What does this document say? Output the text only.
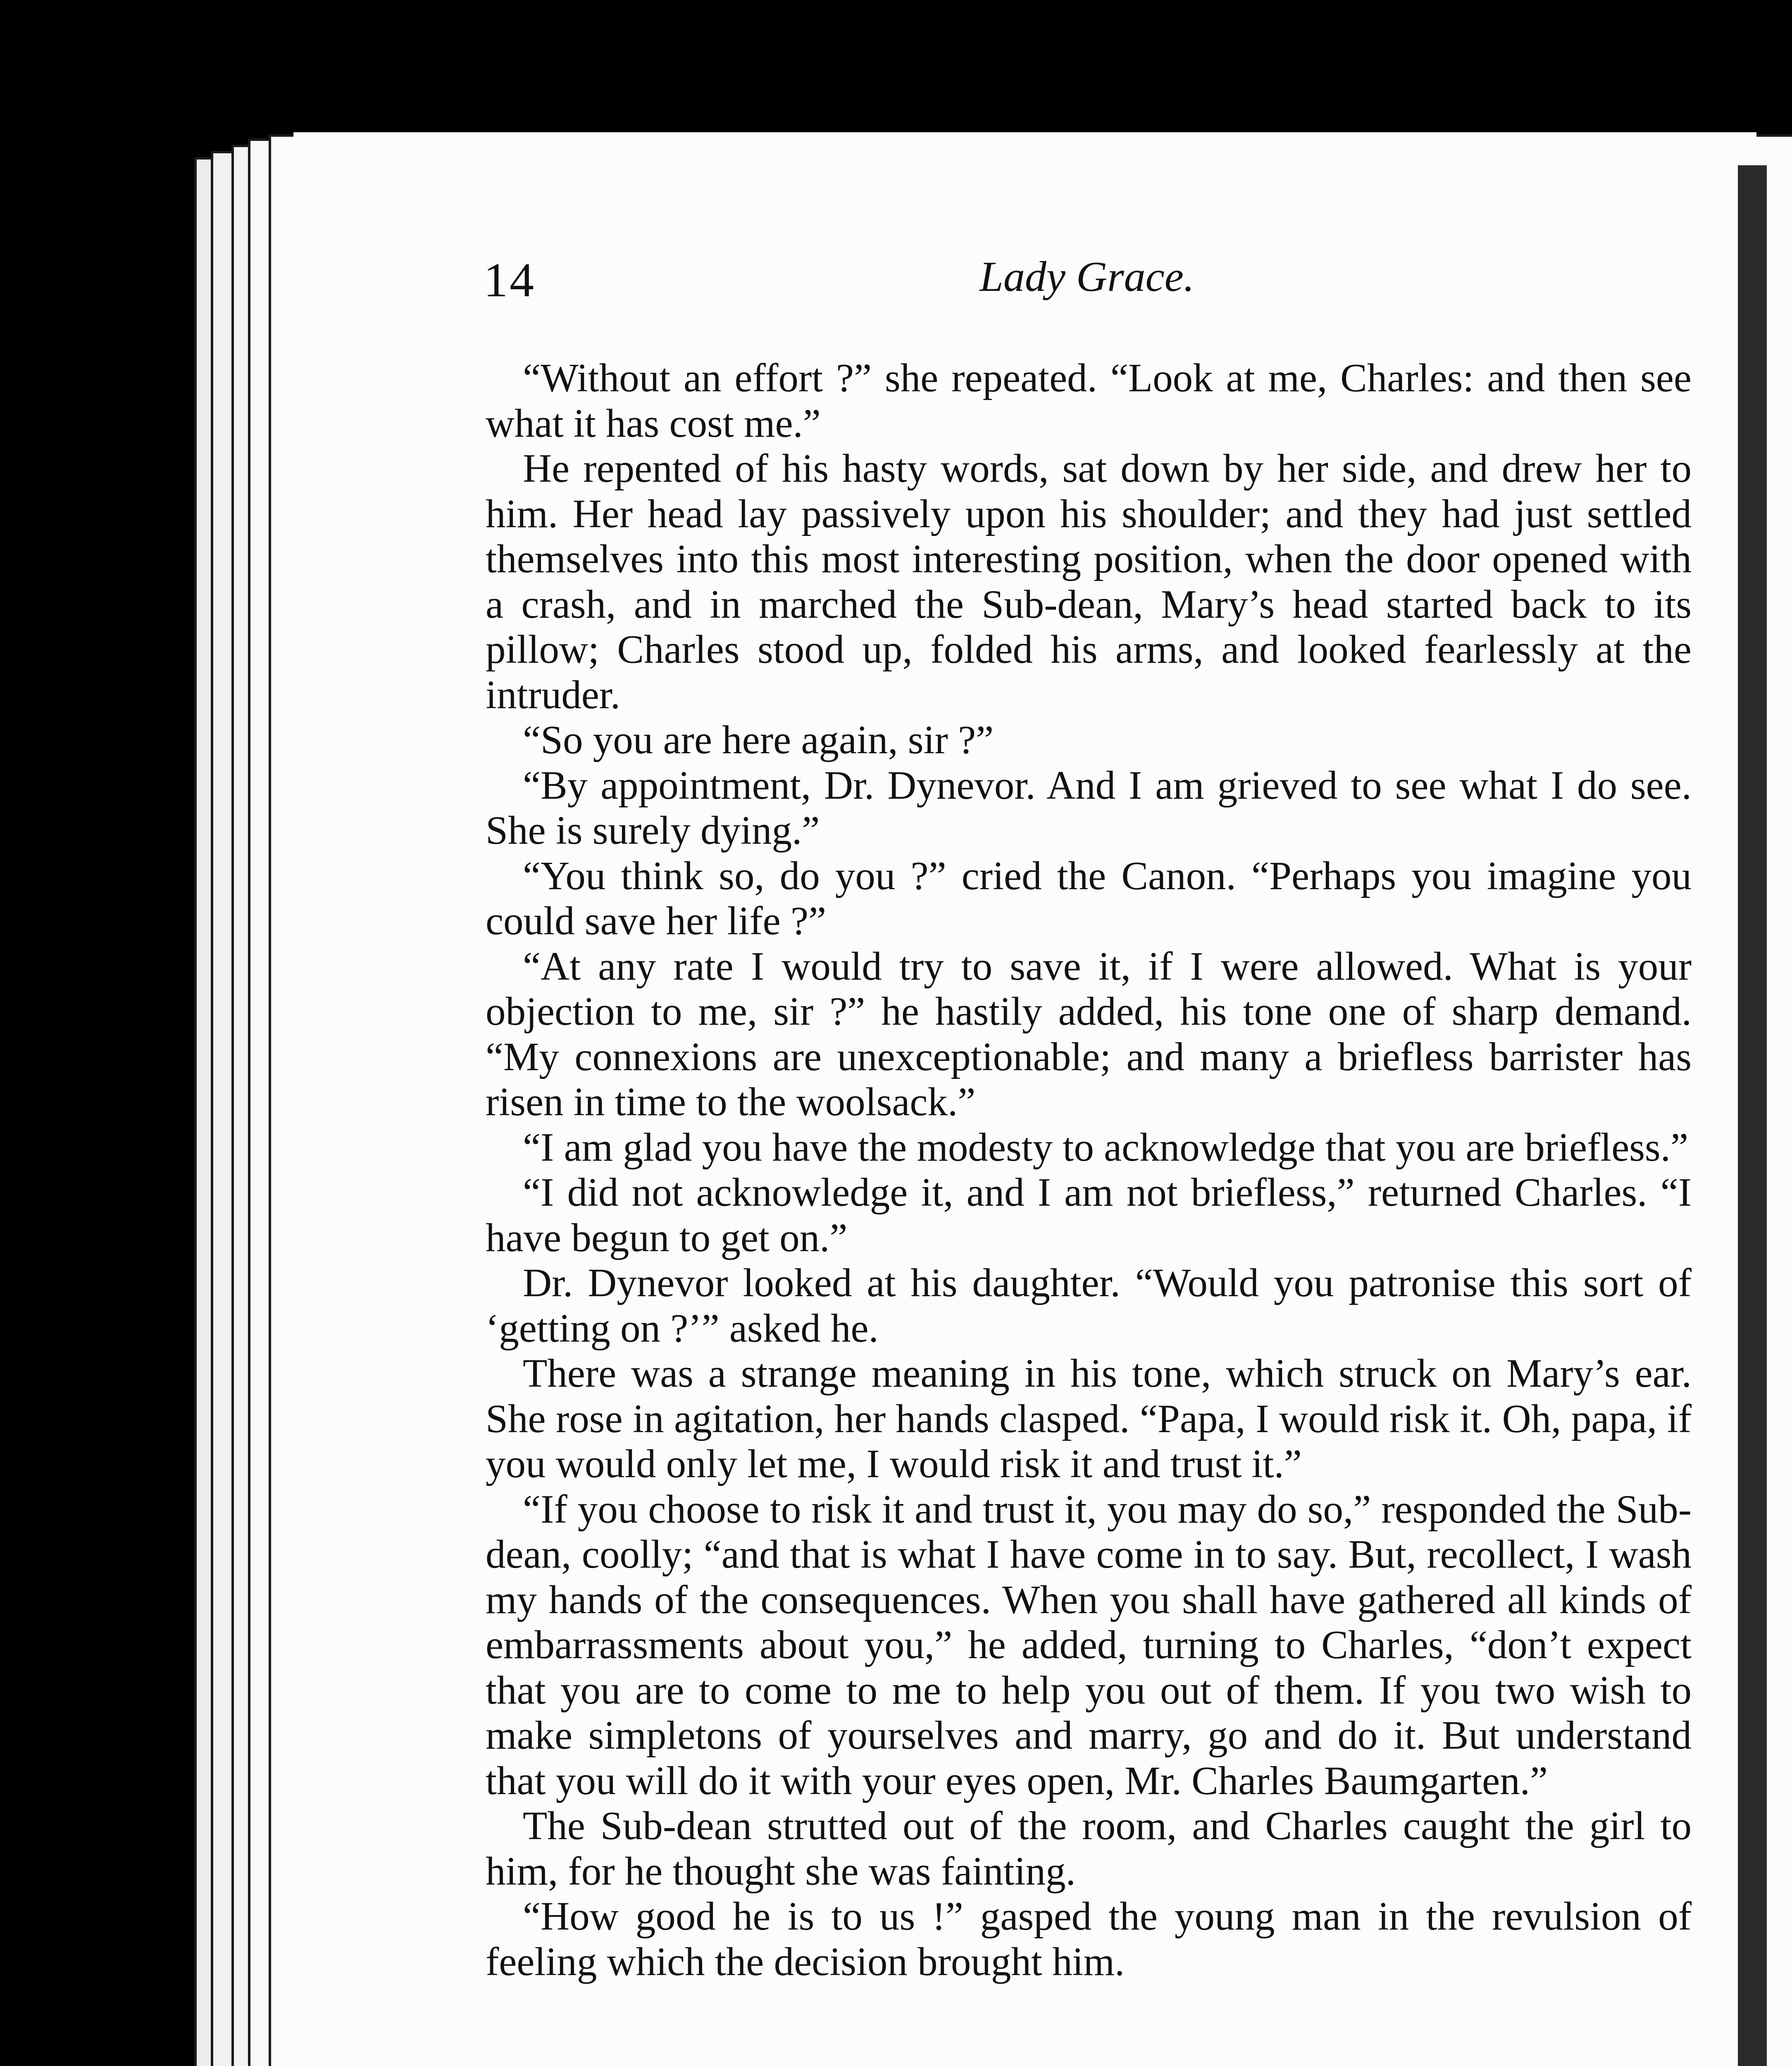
14	Lady Grace.

“Without an effort ?” she repeated. “Look at me, Charles: and then see what it has cost me.”

He repented of his hasty words, sat down by her side, and drew her to him. Her head lay passively upon his shoulder; and they had just settled themselves into this most interesting position, when the door opened with a crash, and in marched the Sub-dean, Mary’s head started back to its pillow; Charles stood up, folded his arms, and looked fearlessly at the intruder.

“So you are here again, sir ?”

“By appointment, Dr. Dynevor. And I am grieved to see what I do see. She is surely dying.”

“You think so, do you ?” cried the Canon. “Perhaps you imagine you could save her life ?”

“At any rate I would try to save it, if I were allowed. What is your objection to me, sir ?” he hastily added, his tone one of sharp demand. “My connexions are unexceptionable; and many a briefless barrister has risen in time to the woolsack.”

“I am glad you have the modesty to acknowledge that you are briefless.”

“I did not acknowledge it, and I am not briefless,” returned Charles. “I have begun to get on.”

Dr. Dynevor looked at his daughter. “Would you patronise this sort of ‘getting on ?’” asked he.

There was a strange meaning in his tone, which struck on Mary’s ear. She rose in agitation, her hands clasped. “Papa, I would risk it. Oh, papa, if you would only let me, I would risk it and trust it.”

“If you choose to risk it and trust it, you may do so,” responded the Sub-dean, coolly; “and that is what I have come in to say. But, recollect, I wash my hands of the consequences. When you shall have gathered all kinds of embarrassments about you,” he added, turning to Charles, “don’t expect that you are to come to me to help you out of them. If you two wish to make simpletons of yourselves and marry, go and do it. But understand that you will do it with your eyes open, Mr. Charles Baumgarten.”

The Sub-dean strutted out of the room, and Charles caught the girl to him, for he thought she was fainting.

“How good he is to us !” gasped the young man in the revulsion of feeling which the decision brought him.
